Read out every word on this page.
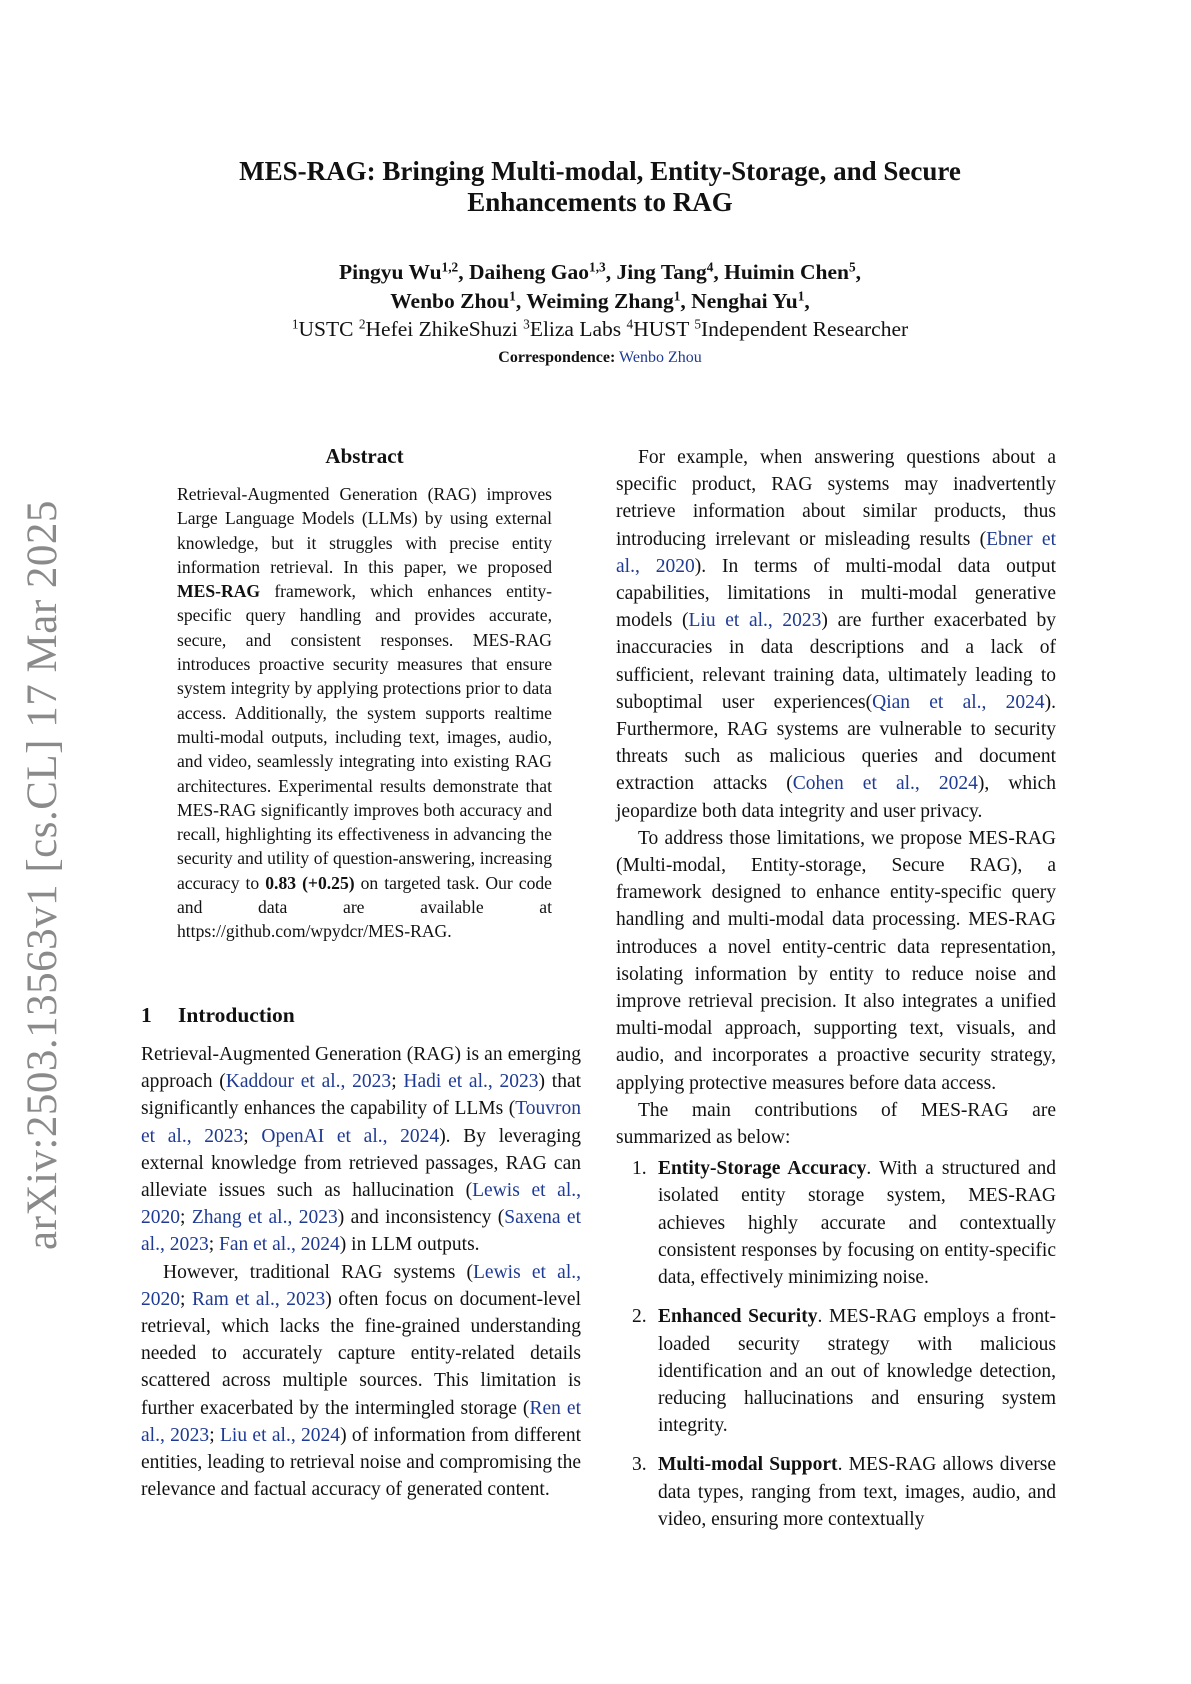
arXiv:2503.13563v1 [cs.CL] 17 Mar 2025
MES-RAG: Bringing Multi-modal, Entity-Storage, and Secure
Enhancements to RAG
Pingyu Wu$^{1,2}$, Daiheng Gao$^{1,3}$, Jing Tang$^4$, Huimin Chen$^5$,
Wenbo Zhou$^1$, Weiming Zhang$^1$, Nenghai Yu$^1$,
$^1$USTC $^2$Hefei ZhikeShuzi $^3$Eliza Labs $^4$HUST $^5$Independent Researcher
Correspondence: Wenbo Zhou
Abstract
Retrieval-Augmented Generation (RAG) improves Large Language Models (LLMs) by using external knowledge, but it struggles with precise entity information retrieval. In this paper, we proposed MES-RAG framework, which enhances entity-specific query handling and provides accurate, secure, and consistent responses. MES-RAG introduces proactive security measures that ensure system integrity by applying protections prior to data access. Additionally, the system supports realtime multi-modal outputs, including text, images, audio, and video, seamlessly integrating into existing RAG architectures. Experimental results demonstrate that MES-RAG significantly improves both accuracy and recall, highlighting its effectiveness in advancing the security and utility of question-answering, increasing accuracy to 0.83 (+0.25) on targeted task. Our code and data are available at https://github.com/wpydcr/MES-RAG.
1 Introduction

Retrieval-Augmented Generation (RAG) is an emerging approach (Kaddour et al., 2023; Hadi et al., 2023) that significantly enhances the capability of LLMs (Touvron et al., 2023; OpenAI et al., 2024). By leveraging external knowledge from retrieved passages, RAG can alleviate issues such as hallucination (Lewis et al., 2020; Zhang et al., 2023) and inconsistency (Saxena et al., 2023; Fan et al., 2024) in LLM outputs.

However, traditional RAG systems (Lewis et al., 2020; Ram et al., 2023) often focus on document-level retrieval, which lacks the fine-grained understanding needed to accurately capture entity-related details scattered across multiple sources. This limitation is further exacerbated by the intermingled storage (Ren et al., 2023; Liu et al., 2024) of information from different entities, leading to retrieval noise and compromising the relevance and factual accuracy of generated content.

For example, when answering questions about a specific product, RAG systems may inadvertently retrieve information about similar products, thus introducing irrelevant or misleading results (Ebner et al., 2020). In terms of multi-modal data output capabilities, limitations in multi-modal generative models (Liu et al., 2023) are further exacerbated by inaccuracies in data descriptions and a lack of sufficient, relevant training data, ultimately leading to suboptimal user experiences(Qian et al., 2024). Furthermore, RAG systems are vulnerable to security threats such as malicious queries and document extraction attacks (Cohen et al., 2024), which jeopardize both data integrity and user privacy.

To address those limitations, we propose MES-RAG (Multi-modal, Entity-storage, Secure RAG), a framework designed to enhance entity-specific query handling and multi-modal data processing. MES-RAG introduces a novel entity-centric data representation, isolating information by entity to reduce noise and improve retrieval precision. It also integrates a unified multi-modal approach, supporting text, visuals, and audio, and incorporates a proactive security strategy, applying protective measures before data access.

The main contributions of MES-RAG are summarized as below:

1. Entity-Storage Accuracy. With a structured and isolated entity storage system, MES-RAG achieves highly accurate and contextually consistent responses by focusing on entity-specific data, effectively minimizing noise.
2. Enhanced Security. MES-RAG employs a front-loaded security strategy with malicious identification and an out of knowledge detection, reducing hallucinations and ensuring system integrity.
3. Multi-modal Support. MES-RAG allows diverse data types, ranging from text, images, audio, and video, ensuring more contextually
